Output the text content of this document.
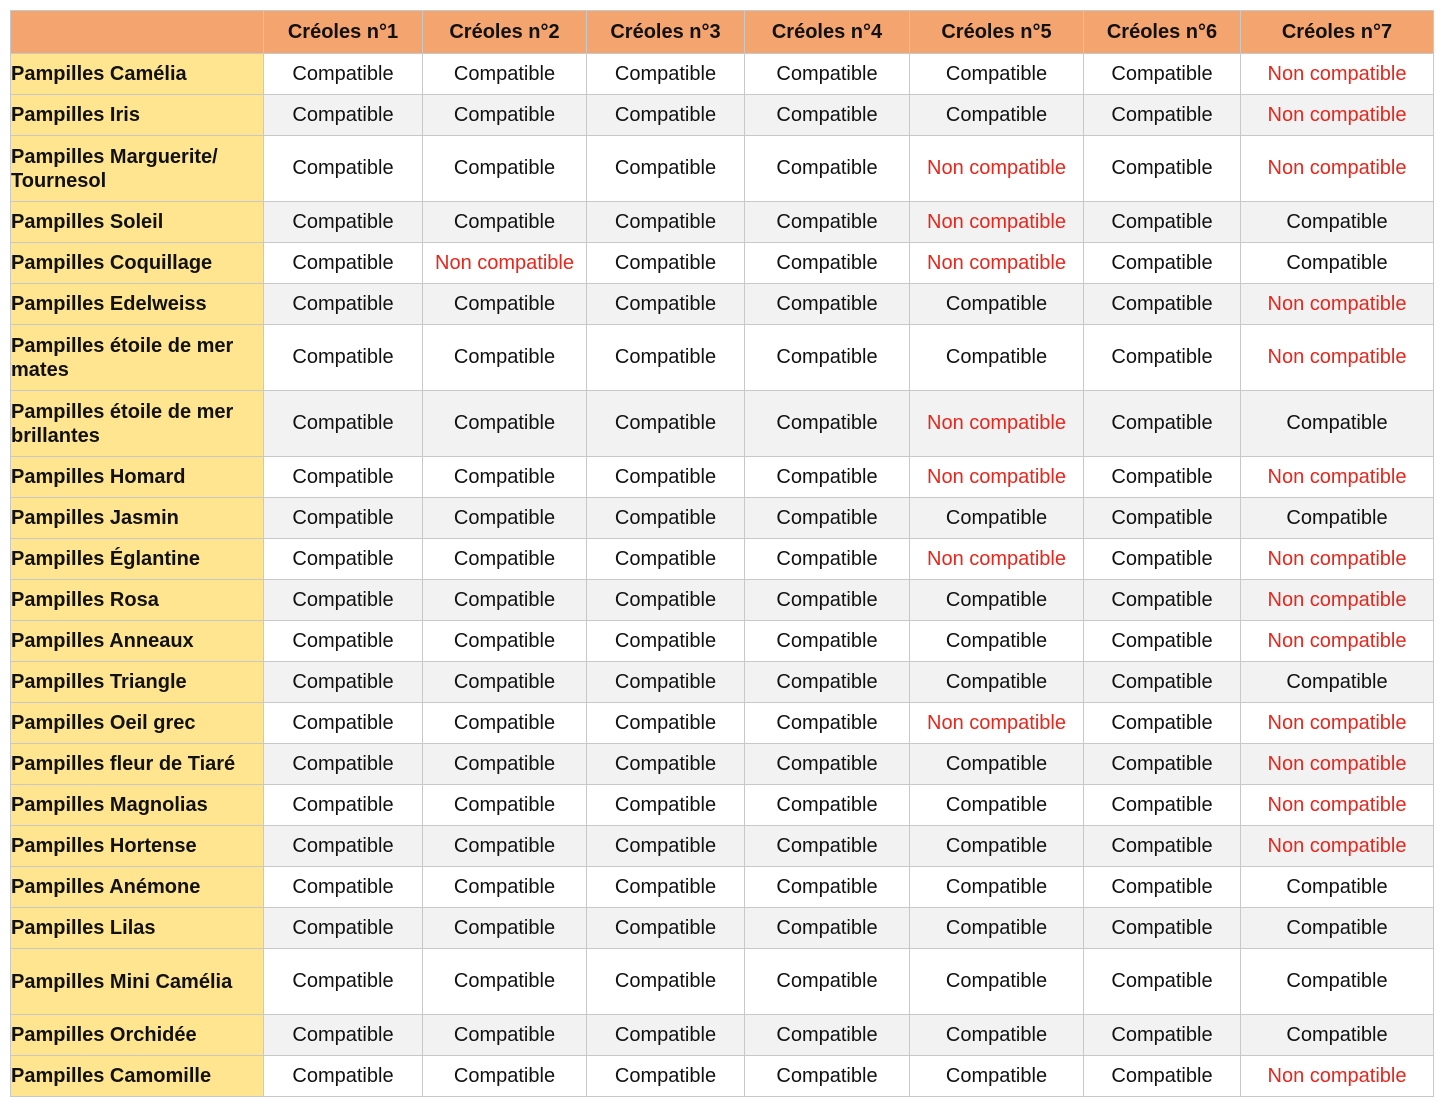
	Créoles n°1	Créoles n°2	Créoles n°3	Créoles n°4	Créoles n°5	Créoles n°6	Créoles n°7
Pampilles Camélia	Compatible	Compatible	Compatible	Compatible	Compatible	Compatible	Non compatible
Pampilles Iris	Compatible	Compatible	Compatible	Compatible	Compatible	Compatible	Non compatible
Pampilles Marguerite/ Tournesol	Compatible	Compatible	Compatible	Compatible	Non compatible	Compatible	Non compatible
Pampilles Soleil	Compatible	Compatible	Compatible	Compatible	Non compatible	Compatible	Compatible
Pampilles Coquillage	Compatible	Non compatible	Compatible	Compatible	Non compatible	Compatible	Compatible
Pampilles Edelweiss	Compatible	Compatible	Compatible	Compatible	Compatible	Compatible	Non compatible
Pampilles étoile de mer mates	Compatible	Compatible	Compatible	Compatible	Compatible	Compatible	Non compatible
Pampilles étoile de mer brillantes	Compatible	Compatible	Compatible	Compatible	Non compatible	Compatible	Compatible
Pampilles Homard	Compatible	Compatible	Compatible	Compatible	Non compatible	Compatible	Non compatible
Pampilles Jasmin	Compatible	Compatible	Compatible	Compatible	Compatible	Compatible	Compatible
Pampilles Églantine	Compatible	Compatible	Compatible	Compatible	Non compatible	Compatible	Non compatible
Pampilles Rosa	Compatible	Compatible	Compatible	Compatible	Compatible	Compatible	Non compatible
Pampilles Anneaux	Compatible	Compatible	Compatible	Compatible	Compatible	Compatible	Non compatible
Pampilles Triangle	Compatible	Compatible	Compatible	Compatible	Compatible	Compatible	Compatible
Pampilles Oeil grec	Compatible	Compatible	Compatible	Compatible	Non compatible	Compatible	Non compatible
Pampilles fleur de Tiaré	Compatible	Compatible	Compatible	Compatible	Compatible	Compatible	Non compatible
Pampilles Magnolias	Compatible	Compatible	Compatible	Compatible	Compatible	Compatible	Non compatible
Pampilles Hortense	Compatible	Compatible	Compatible	Compatible	Compatible	Compatible	Non compatible
Pampilles Anémone	Compatible	Compatible	Compatible	Compatible	Compatible	Compatible	Compatible
Pampilles Lilas	Compatible	Compatible	Compatible	Compatible	Compatible	Compatible	Compatible
Pampilles Mini Camélia	Compatible	Compatible	Compatible	Compatible	Compatible	Compatible	Compatible
Pampilles Orchidée	Compatible	Compatible	Compatible	Compatible	Compatible	Compatible	Compatible
Pampilles Camomille	Compatible	Compatible	Compatible	Compatible	Compatible	Compatible	Non compatible
